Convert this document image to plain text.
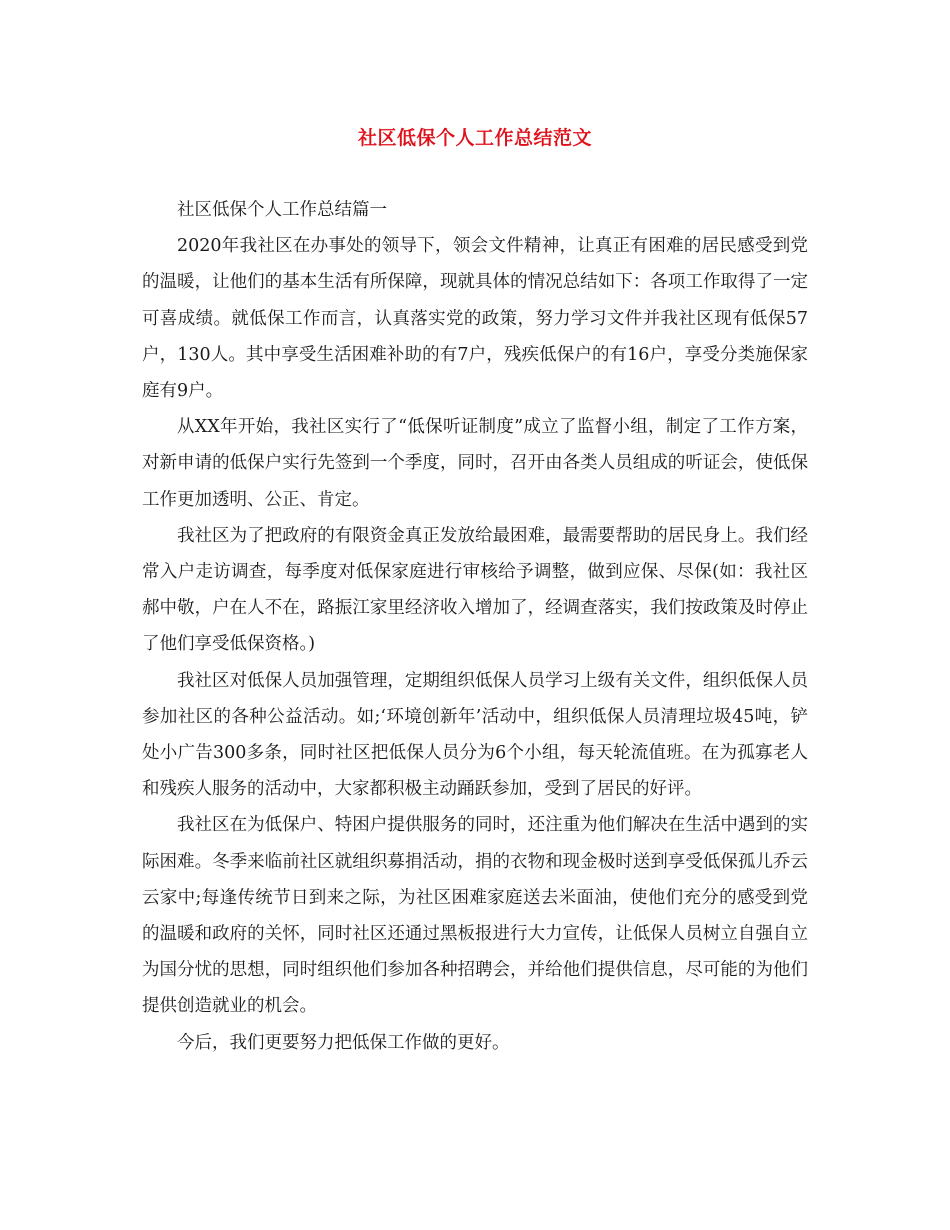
社区低保个人工作总结范文

社区低保个人工作总结篇一

2020年我社区在办事处的领导下，领会文件精神，让真正有困难的居民感受到党的温暖，让他们的基本生活有所保障，现就具体的情况总结如下：各项工作取得了一定可喜成绩。就低保工作而言，认真落实党的政策，努力学习文件并我社区现有低保57户，130人。其中享受生活困难补助的有7户，残疾低保户的有16户，享受分类施保家庭有9户。

从XX年开始，我社区实行了“低保听证制度”成立了监督小组，制定了工作方案，对新申请的低保户实行先签到一个季度，同时，召开由各类人员组成的听证会，使低保工作更加透明、公正、肯定。

我社区为了把政府的有限资金真正发放给最困难，最需要帮助的居民身上。我们经常入户走访调查，每季度对低保家庭进行审核给予调整，做到应保、尽保(如：我社区郝中敬，户在人不在，路振江家里经济收入增加了，经调查落实，我们按政策及时停止了他们享受低保资格。)

我社区对低保人员加强管理，定期组织低保人员学习上级有关文件，组织低保人员参加社区的各种公益活动。如;‘环境创新年’活动中，组织低保人员清理垃圾45吨，铲处小广告300多条，同时社区把低保人员分为6个小组，每天轮流值班。在为孤寡老人和残疾人服务的活动中，大家都积极主动踊跃参加，受到了居民的好评。

我社区在为低保户、特困户提供服务的同时，还注重为他们解决在生活中遇到的实际困难。冬季来临前社区就组织募捐活动，捐的衣物和现金极时送到享受低保孤儿乔云云家中;每逢传统节日到来之际，为社区困难家庭送去米面油，使他们充分的感受到党的温暖和政府的关怀，同时社区还通过黑板报进行大力宣传，让低保人员树立自强自立为国分忧的思想，同时组织他们参加各种招聘会，并给他们提供信息，尽可能的为他们提供创造就业的机会。

今后，我们更要努力把低保工作做的更好。
